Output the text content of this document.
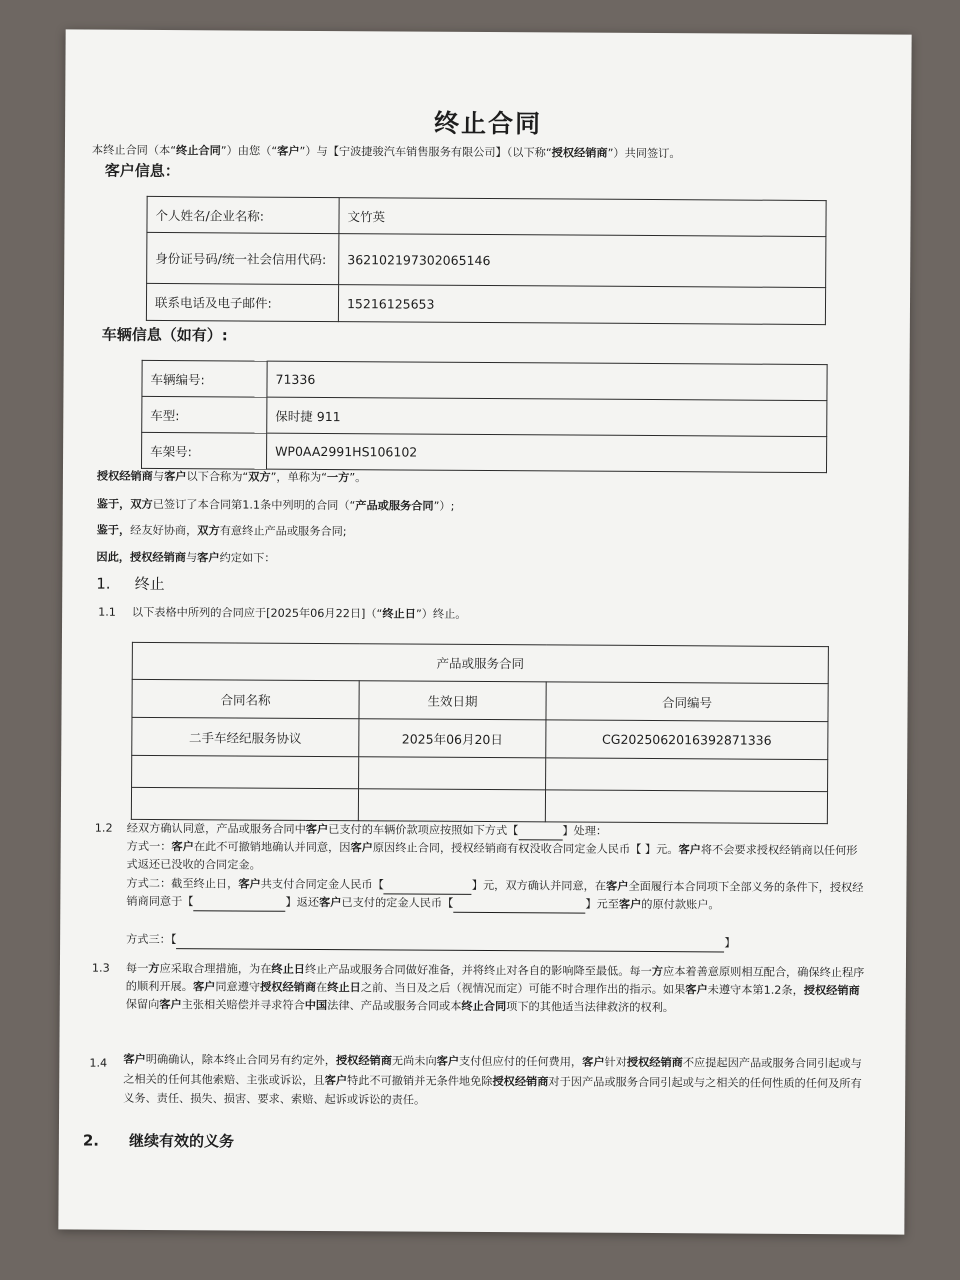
终止合同
本终止合同（本“终止合同”）由您（“客户”）与【宁波捷骏汽车销售服务有限公司】（以下称“授权经销商”）共同签订。
客户信息：
个人姓名/企业名称:	文竹英
身份证号码/统一社会信用代码:	362102197302065146
联系电话及电子邮件:	15216125653
车辆信息（如有）:
车辆编号:	71336
车型:	保时捷 911
车架号:	WP0AA2991HS106102
授权经销商与客户以下合称为“双方”，单称为“一方”。
鉴于，双方已签订了本合同第1.1条中列明的合同（“产品或服务合同”）;
鉴于，经友好协商，双方有意终止产品或服务合同;
因此，授权经销商与客户约定如下：
1. 终止
1.1 以下表格中所列的合同应于[2025年06月22日]（“终止日”）终止。
产品或服务合同		
合同名称	生效日期	合同编号
二手车经纪服务协议	2025年06月20日	CG2025062016392871336

1.2 经双方确认同意，产品或服务合同中客户已支付的车辆价款项应按照如下方式【	】处理：
方式一：客户在此不可撤销地确认并同意，因客户原因终止合同，授权经销商有权没收合同定金人民币【 】元。客户将不会要求授权经销商以任何形式返还已没收的合同定金。
方式二：截至终止日，客户共支付合同定金人民币【	】元，双方确认并同意，在客户全面履行本合同项下全部义务的条件下，授权经销商同意于【	】返还客户已支付的定金人民币【	】元至客户的原付款账户。
方式三：【	】
1.3 每一方应采取合理措施，为在终止日终止产品或服务合同做好准备，并将终止对各自的影响降至最低。每一方应本着善意原则相互配合，确保终止程序的顺利开展。客户同意遵守授权经销商在终止日之前、当日及之后（视情况而定）可能不时合理作出的指示。如果客户未遵守本第1.2条，授权经销商保留向客户主张相关赔偿并寻求符合中国法律、产品或服务合同或本终止合同项下的其他适当法律救济的权利。
1.4 客户明确确认，除本终止合同另有约定外，授权经销商无尚未向客户支付但应付的任何费用，客户针对授权经销商不应提起因产品或服务合同引起或与之相关的任何其他索赔、主张或诉讼，且客户特此不可撤销并无条件地免除授权经销商对于因产品或服务合同引起或与之相关的任何性质的任何及所有义务、责任、损失、损害、要求、索赔、起诉或诉讼的责任。
2. 继续有效的义务
